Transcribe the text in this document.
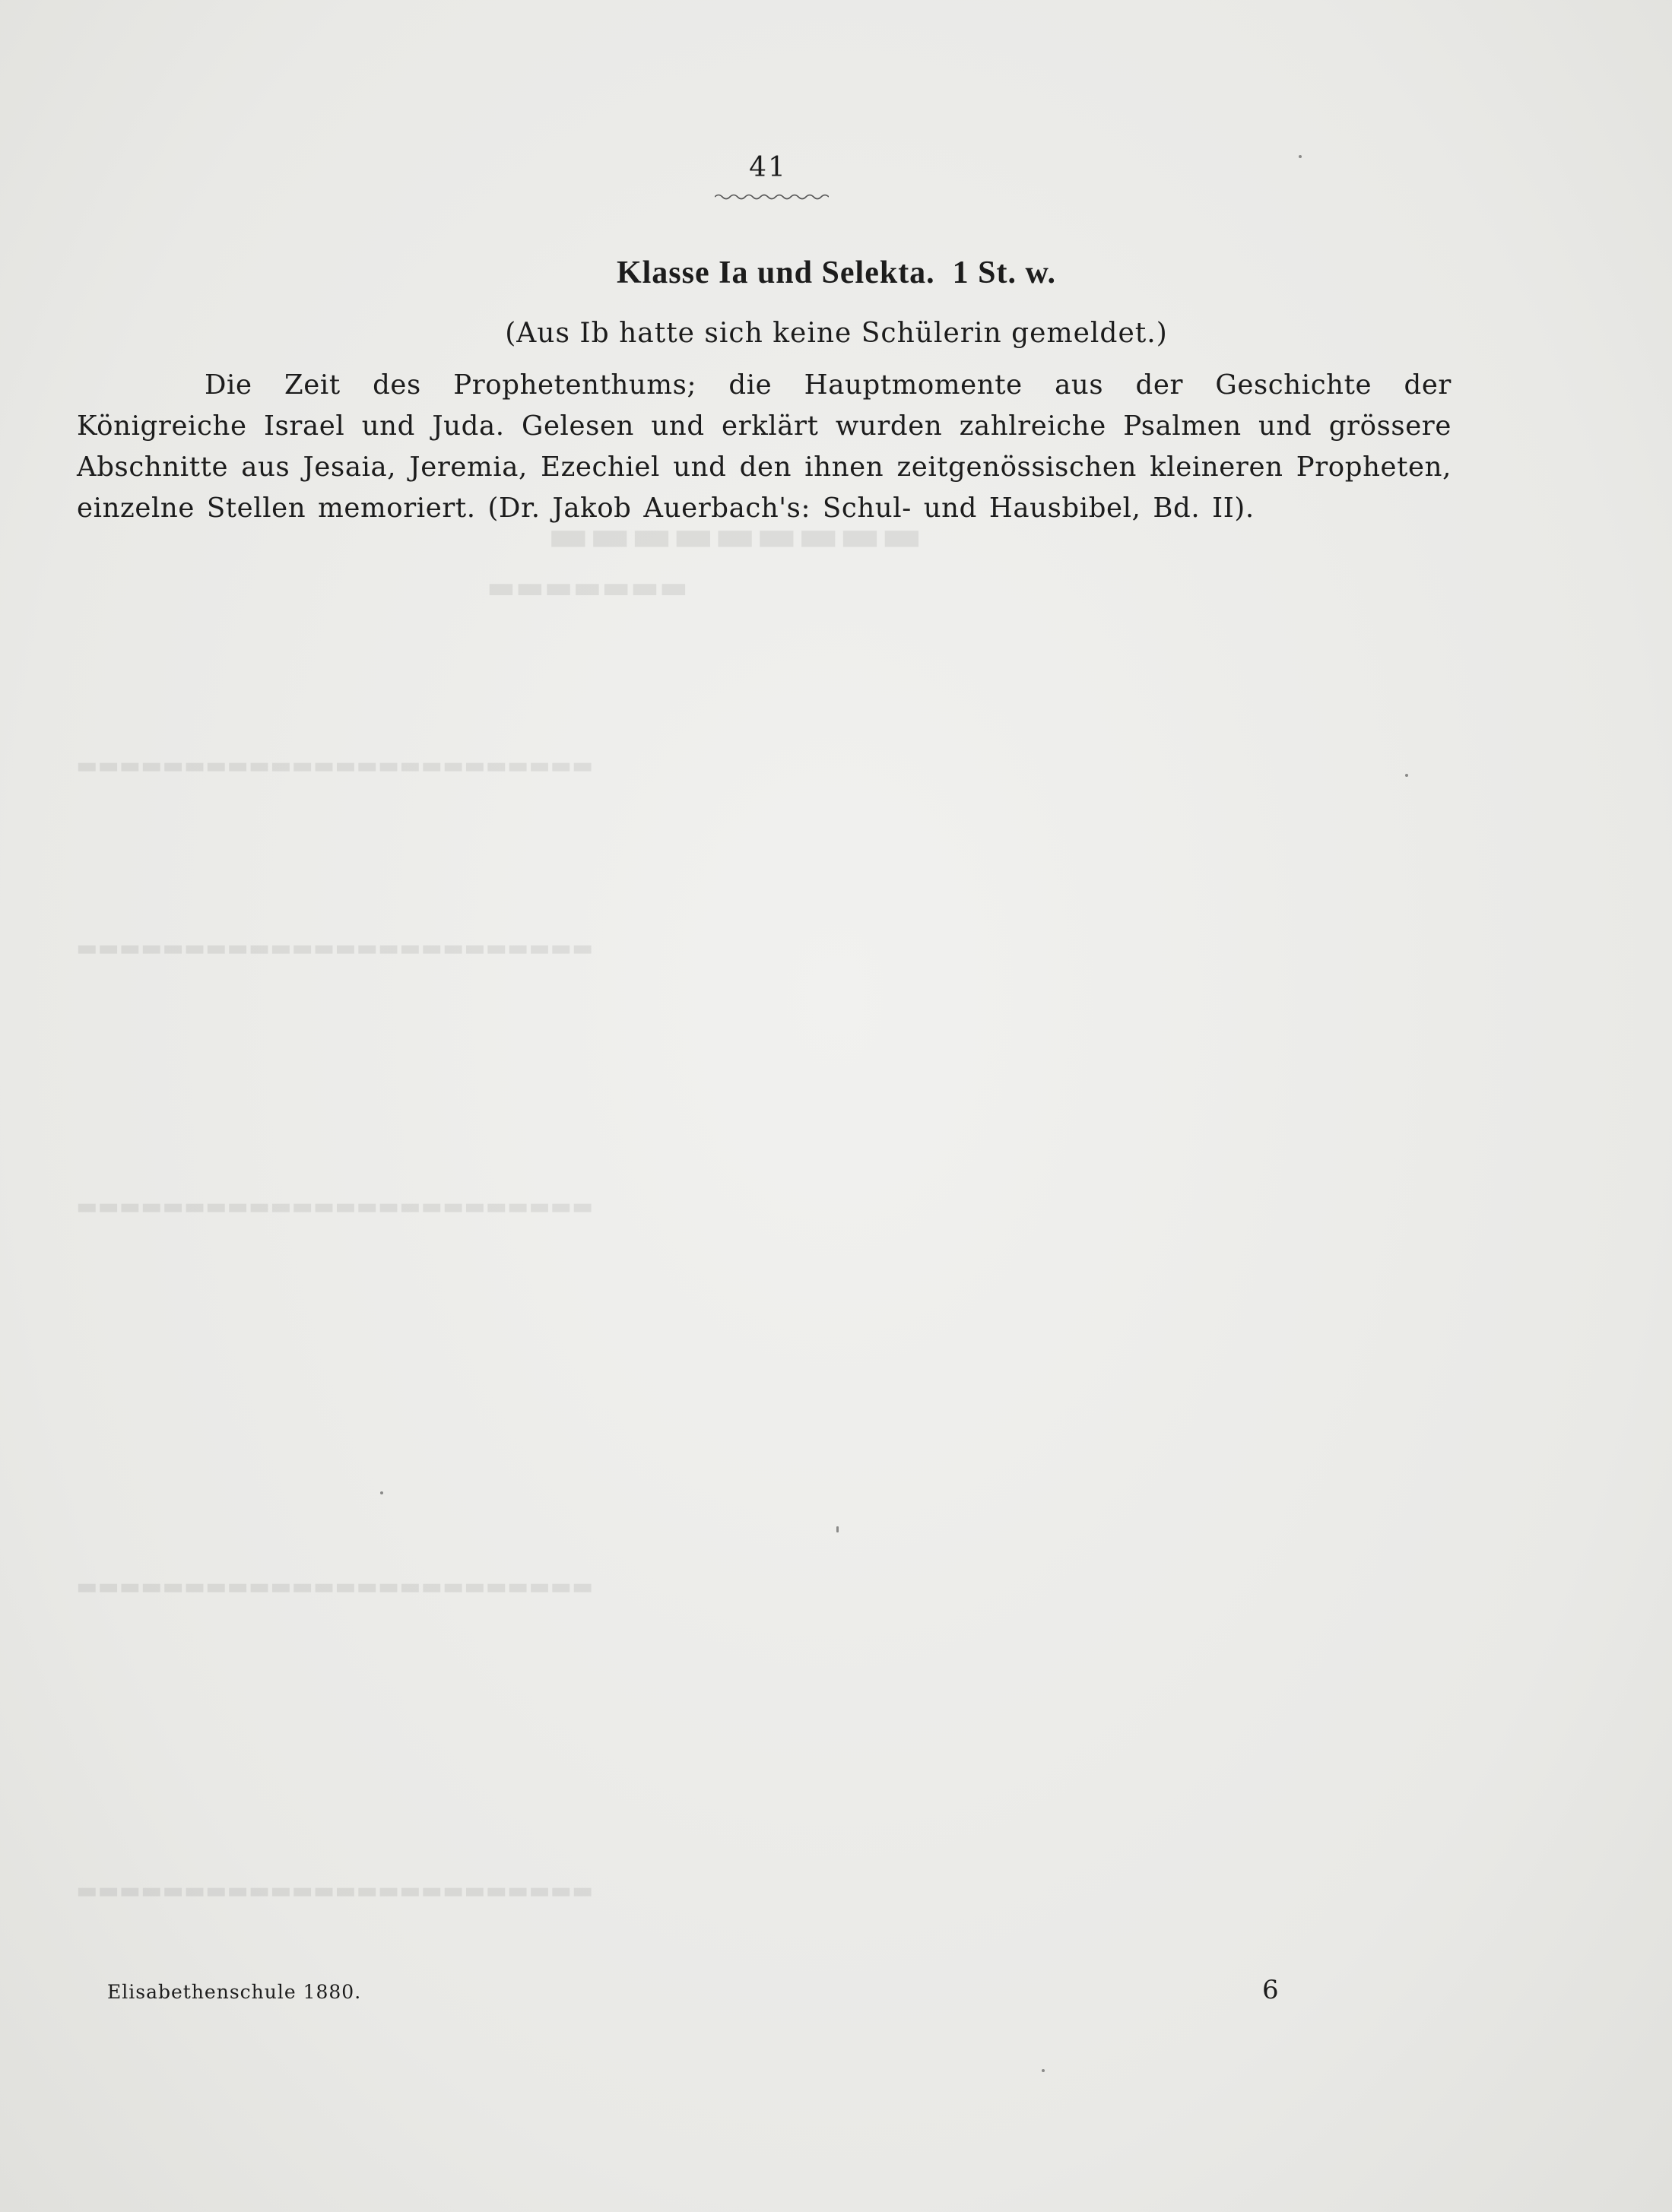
▬▬▬▬▬▬▬▬▬
▬▬▬▬▬▬▬
▬▬▬▬▬▬▬▬▬▬▬▬▬▬▬▬▬▬▬▬▬▬▬▬
▬▬▬▬▬▬▬▬▬▬▬▬▬▬▬▬▬▬▬▬▬▬▬▬
▬▬▬▬▬▬▬▬▬▬▬▬▬▬▬▬▬▬▬▬▬▬▬▬
▬▬▬▬▬▬▬▬▬▬▬▬▬▬▬▬▬▬▬▬▬▬▬▬
▬▬▬▬▬▬▬▬▬▬▬▬▬▬▬▬▬▬▬▬▬▬▬▬
41
Klasse Ia und Selekta.  1 St. w.
(Aus Ib hatte sich keine Schülerin gemeldet.)
Die Zeit des Prophetenthums; die Hauptmomente aus der Geschichte der Königreiche Israel und Juda. Gelesen und erklärt wurden zahlreiche Psalmen und grössere Abschnitte aus Jesaia, Jeremia, Ezechiel und den ihnen zeitgenössischen kleineren Propheten, einzelne Stellen memoriert. (Dr. Jakob Auerbach's: Schul- und Hausbibel, Bd. II).
Elisabethenschule 1880.	6
